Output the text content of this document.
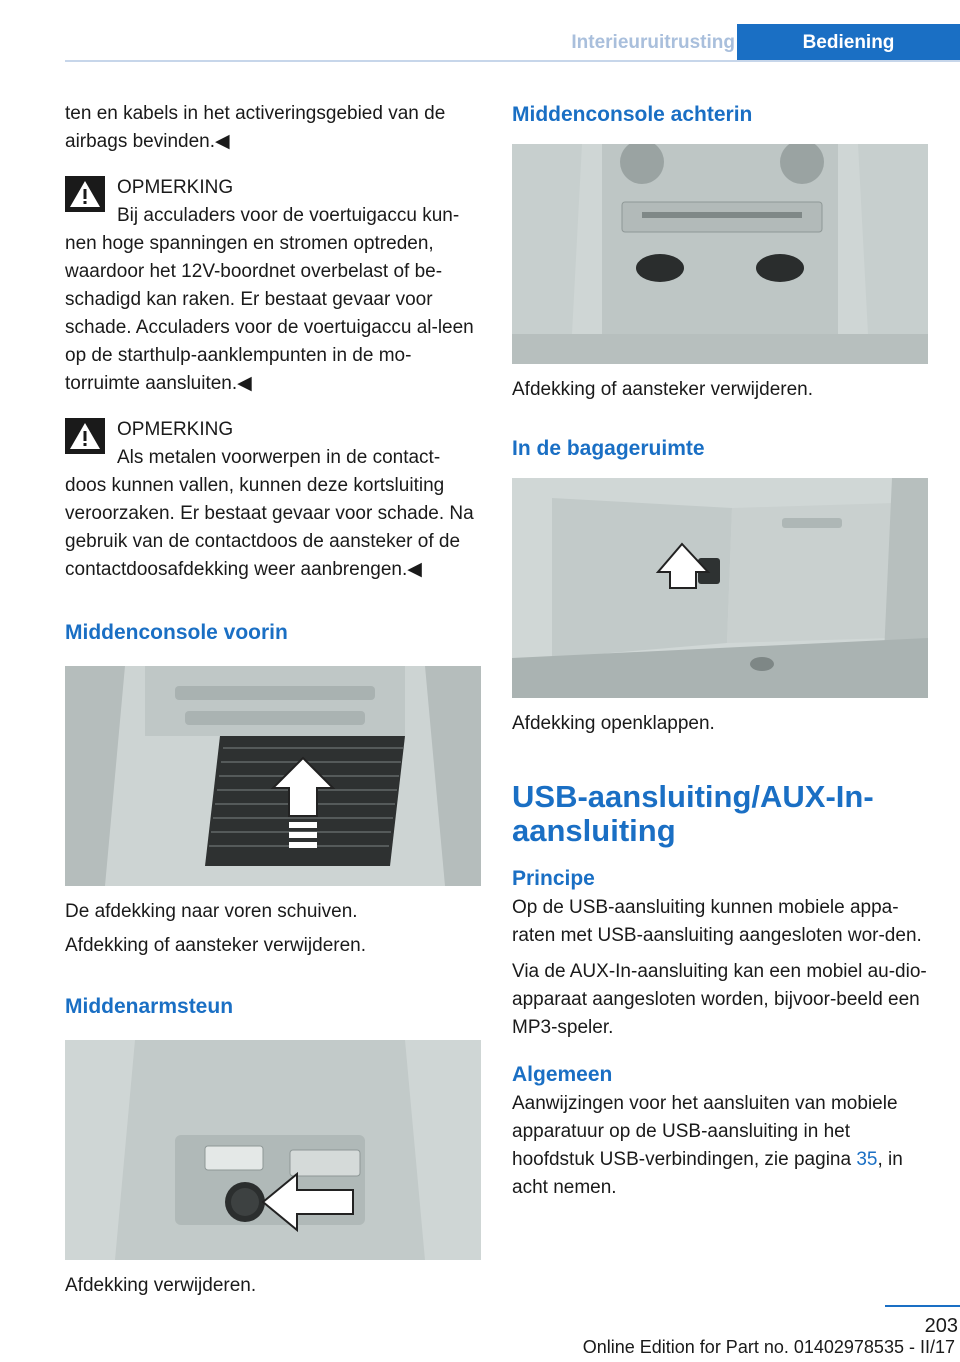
Interieuruitrusting	Bediening

ten en kabels in het activeringsgebied van de airbags bevinden.◀

OPMERKING

Bij acculaders voor de voertuigaccu kun-
nen hoge spanningen en stromen optreden, waardoor het 12V-boordnet overbelast of be-schadigd kan raken. Er bestaat gevaar voor schade. Acculaders voor de voertuigaccu al-leen op de starthulp-aanklempunten in de mo-torruimte aansluiten.◀

OPMERKING

Als metalen voorwerpen in de contact-
doos kunnen vallen, kunnen deze kortsluiting veroorzaken. Er bestaat gevaar voor schade. Na gebruik van de contactdoos de aansteker of de contactdoosafdekking weer aanbrengen.◀

Middenconsole voorin

De afdekking naar voren schuiven.

Afdekking of aansteker verwijderen.

Middenarmsteun

Afdekking verwijderen.

Middenconsole achterin

Afdekking of aansteker verwijderen.

In de bagageruimte

Afdekking openklappen.

USB-aansluiting/AUX-In-aansluiting
Principe

Op de USB-aansluiting kunnen mobiele appa-raten met USB-aansluiting aangesloten wor-den.

Via de AUX-In-aansluiting kan een mobiel au-dio-apparaat aangesloten worden, bijvoor-beeld een MP3-speler.

Algemeen

Aanwijzingen voor het aansluiten van mobiele apparatuur op de USB-aansluiting in het hoofdstuk USB-verbindingen, zie pagina 35, in acht nemen.

203
Online Edition for Part no. 01402978535 - II/17
